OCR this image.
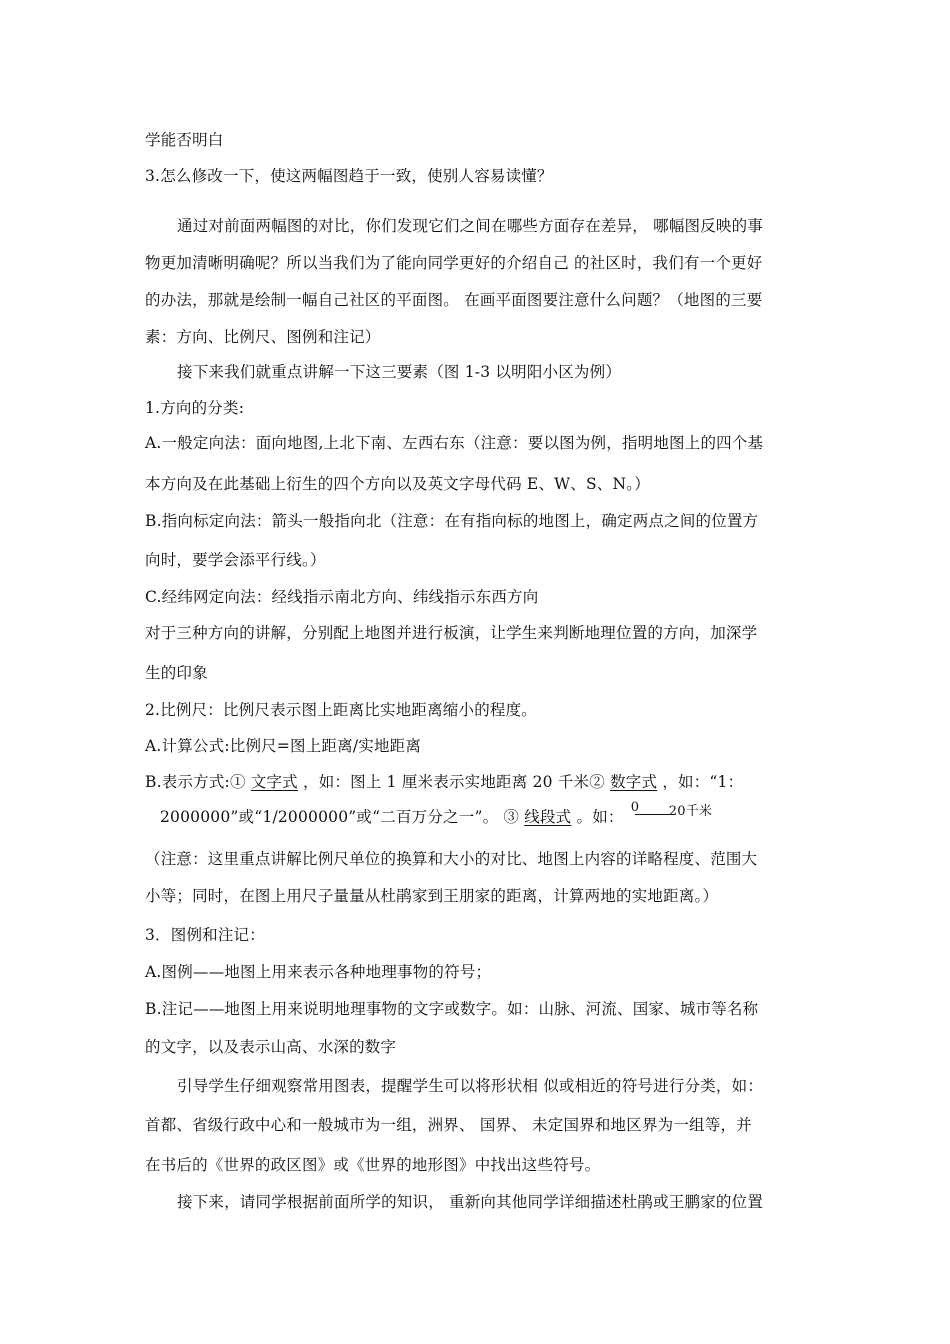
学能否明白
3.怎么修改一下，使这两幅图趋于一致，使别人容易读懂？
通过对前面两幅图的对比，你们发现它们之间在哪些方面存在差异， 哪幅图反映的事
物更加清晰明确呢？所以当我们为了能向同学更好的介绍自己 的社区时，我们有一个更好
的办法，那就是绘制一幅自己社区的平面图。 在画平面图要注意什么问题？（地图的三要
素：方向、比例尺、图例和注记）
接下来我们就重点讲解一下这三要素（图 1-3 以明阳小区为例）
1.方向的分类:
A.一般定向法：面向地图,上北下南、左西右东（注意：要以图为例，指明地图上的四个基
本方向及在此基础上衍生的四个方向以及英文字母代码 E、W、S、N。）
B.指向标定向法：箭头一般指向北（注意：在有指向标的地图上，确定两点之间的位置方
向时，要学会添平行线。）
C.经纬网定向法：经线指示南北方向、纬线指示东西方向
对于三种方向的讲解，分别配上地图并进行板演，让学生来判断地理位置的方向，加深学
生的印象
2.比例尺：比例尺表示图上距离比实地距离缩小的程度。
A.计算公式:比例尺=图上距离/实地距离
B.表示方式:① 文字式 ，如：图上 1 厘米表示实地距离 20 千米② 数字式 ，如：“1：
2000000”或“1/2000000”或“二百万分之一”。 ③ 线段式 。如：
0 20千米
（注意：这里重点讲解比例尺单位的换算和大小的对比、地图上内容的详略程度、范围大
小等；同时，在图上用尺子量量从杜鹃家到王朋家的距离，计算两地的实地距离。）
3．图例和注记：
A.图例——地图上用来表示各种地理事物的符号；
B.注记——地图上用来说明地理事物的文字或数字。如：山脉、河流、国家、城市等名称
的文字，以及表示山高、水深的数字
引导学生仔细观察常用图表，提醒学生可以将形状相 似或相近的符号进行分类，如：
首都、省级行政中心和一般城市为一组，洲界、 国界、 未定国界和地区界为一组等，并
在书后的《世界的政区图》或《世界的地形图》中找出这些符号。
接下来，请同学根据前面所学的知识， 重新向其他同学详细描述杜鹃或王鹏家的位置
